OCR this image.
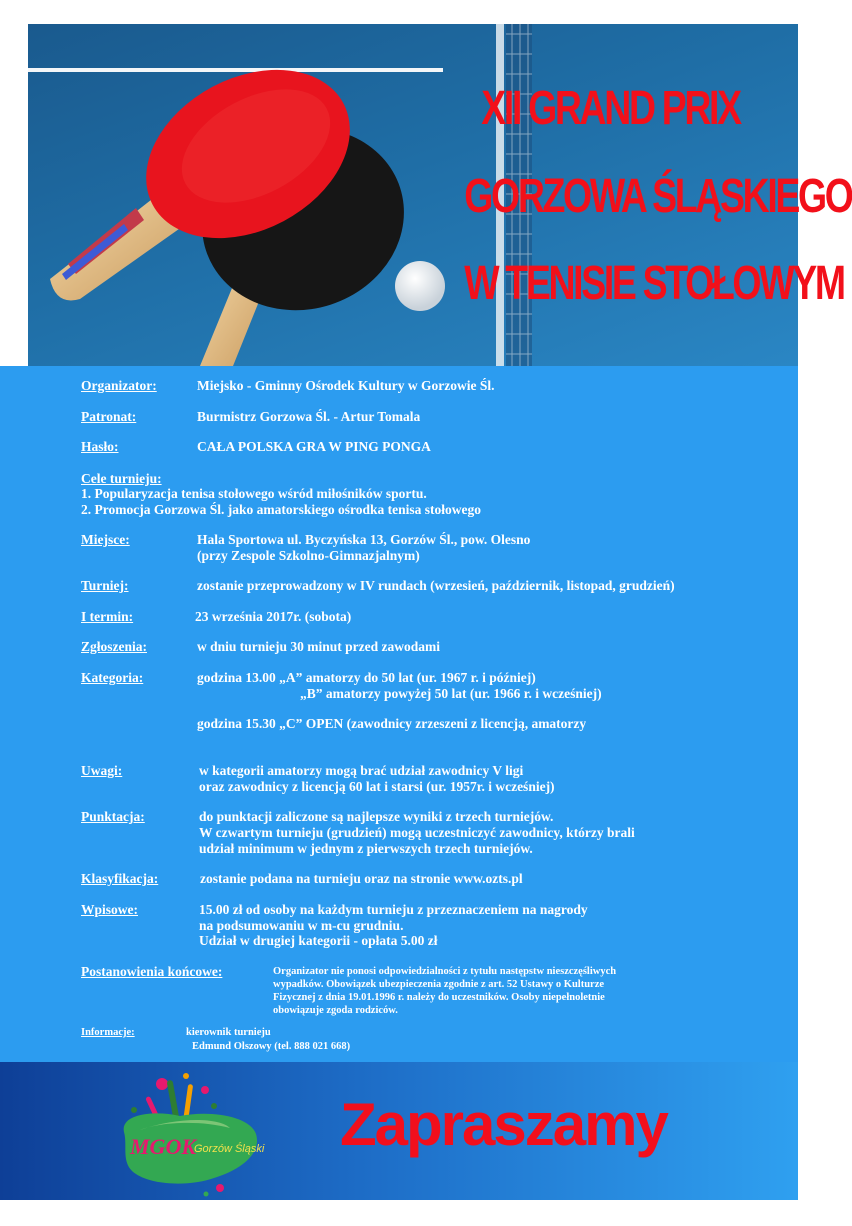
XII GRAND PRIX
GORZOWA ŚLĄSKIEGO
W TENISIE STOŁOWYM
Organizator:	Miejsko - Gminny Ośrodek Kultury w Gorzowie Śl.
Patronat:	Burmistrz Gorzowa Śl. - Artur Tomala
Hasło:	CAŁA POLSKA GRA W PING PONGA
Cele turnieju:
1. Popularyzacja tenisa stołowego wśród miłośników sportu.
2. Promocja Gorzowa Śl. jako amatorskiego ośrodka tenisa stołowego
Miejsce:	Hala Sportowa ul. Byczyńska 13, Gorzów Śl., pow. Olesno
(przy Zespole Szkolno-Gimnazjalnym)
Turniej:	zostanie przeprowadzony w IV rundach (wrzesień, październik, listopad, grudzień)
I termin:	23 września 2017r. (sobota)
Zgłoszenia:	w dniu turnieju 30 minut przed zawodami
Kategoria:	godzina 13.00 „A” amatorzy do 50 lat (ur. 1967 r. i później)
„B” amatorzy powyżej 50 lat (ur. 1966 r. i wcześniej)
godzina 15.30 „C” OPEN (zawodnicy zrzeszeni z licencją, amatorzy
Uwagi:	w kategorii amatorzy mogą brać udział zawodnicy V ligi
oraz zawodnicy z licencją 60 lat i starsi (ur. 1957r. i wcześniej)
Punktacja:	do punktacji zaliczone są najlepsze wyniki z trzech turniejów.
W czwartym turnieju (grudzień) mogą uczestniczyć zawodnicy, którzy brali
udział minimum w jednym z pierwszych trzech turniejów.
Klasyfikacja:	zostanie podana na turnieju oraz na stronie www.ozts.pl
Wpisowe:	15.00 zł od osoby na każdym turnieju z przeznaczeniem na nagrody
na podsumowaniu w m-cu grudniu.
Udział w drugiej kategorii - opłata 5.00 zł
Postanowienia końcowe:	Organizator nie ponosi odpowiedzialności z tytułu następstw nieszczęśliwych
wypadków. Obowiązek ubezpieczenia zgodnie z art. 52 Ustawy o Kulturze
Fizycznej z dnia 19.01.1996 r. należy do uczestników. Osoby niepełnoletnie
obowiązuje zgoda rodziców.
Informacje:	kierownik turnieju
Edmund Olszowy (tel. 888 021 668)
MGOK
Gorzów Śląski Zapraszamy
